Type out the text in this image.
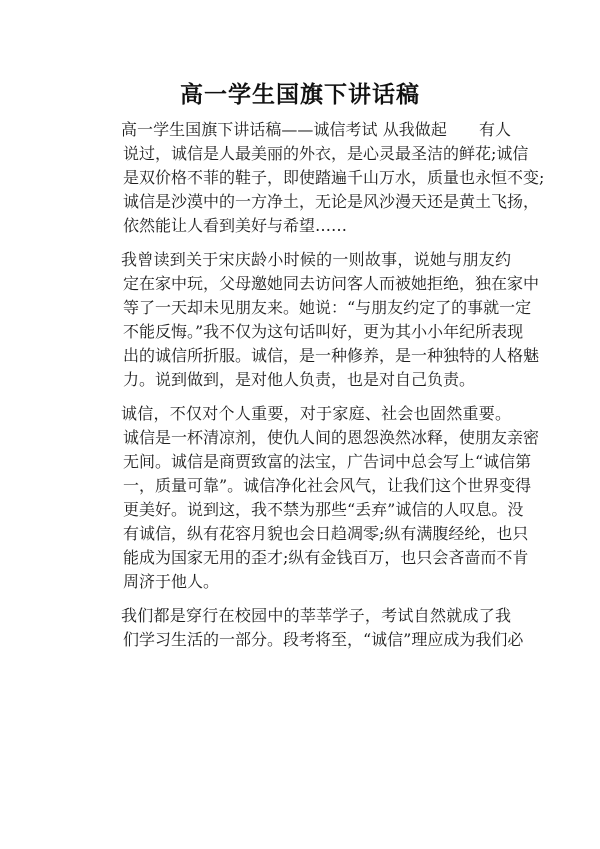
高一学生国旗下讲话稿

高一学生国旗下讲话稿——诚信考试 从我做起　　有人
说过，诚信是人最美丽的外衣，是心灵最圣洁的鲜花;诚信
是双价格不菲的鞋子，即使踏遍千山万水，质量也永恒不变;
诚信是沙漠中的一方净土，无论是风沙漫天还是黄土飞扬，
依然能让人看到美好与希望……

我曾读到关于宋庆龄小时候的一则故事，说她与朋友约
定在家中玩，父母邀她同去访问客人而被她拒绝，独在家中
等了一天却未见朋友来。她说：“与朋友约定了的事就一定
不能反悔。”我不仅为这句话叫好，更为其小小年纪所表现
出的诚信所折服。诚信，是一种修养，是一种独特的人格魅
力。说到做到，是对他人负责，也是对自己负责。

诚信，不仅对个人重要，对于家庭、社会也固然重要。
诚信是一杯清凉剂，使仇人间的恩怨涣然冰释，使朋友亲密
无间。诚信是商贾致富的法宝，广告词中总会写上“诚信第
一，质量可靠”。诚信净化社会风气，让我们这个世界变得
更美好。说到这，我不禁为那些“丢弃”诚信的人叹息。没
有诚信，纵有花容月貌也会日趋凋零;纵有满腹经纶，也只
能成为国家无用的歪才;纵有金钱百万，也只会吝啬而不肯
周济于他人。

我们都是穿行在校园中的莘莘学子，考试自然就成了我
们学习生活的一部分。段考将至，“诚信”理应成为我们必
